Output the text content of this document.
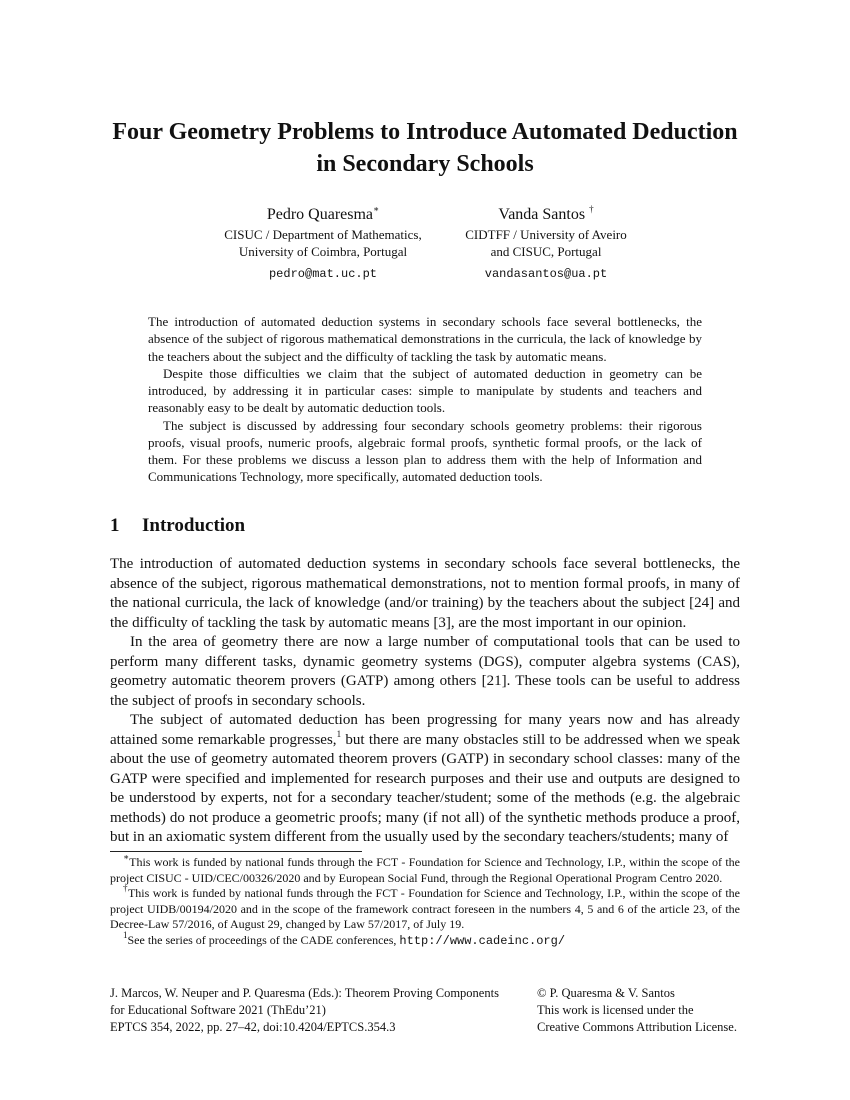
Four Geometry Problems to Introduce Automated Deduction
in Secondary Schools
Pedro Quaresma∗
CISUC / Department of Mathematics,
University of Coimbra, Portugal
pedro@mat.uc.pt
Vanda Santos †
CIDTFF / University of Aveiro
and CISUC, Portugal
vandasantos@ua.pt

The introduction of automated deduction systems in secondary schools face several bottlenecks, the absence of the subject of rigorous mathematical demonstrations in the curricula, the lack of knowledge by the teachers about the subject and the difficulty of tackling the task by automatic means.

Despite those difficulties we claim that the subject of automated deduction in geometry can be introduced, by addressing it in particular cases: simple to manipulate by students and teachers and reasonably easy to be dealt by automatic deduction tools.

The subject is discussed by addressing four secondary schools geometry problems: their rigorous proofs, visual proofs, numeric proofs, algebraic formal proofs, synthetic formal proofs, or the lack of them. For these problems we discuss a lesson plan to address them with the help of Information and Communications Technology, more specifically, automated deduction tools.

1 Introduction

The introduction of automated deduction systems in secondary schools face several bottlenecks, the absence of the subject, rigorous mathematical demonstrations, not to mention formal proofs, in many of the national curricula, the lack of knowledge (and/or training) by the teachers about the subject [24] and the difficulty of tackling the task by automatic means [3], are the most important in our opinion.

In the area of geometry there are now a large number of computational tools that can be used to perform many different tasks, dynamic geometry systems (DGS), computer algebra systems (CAS), geometry automatic theorem provers (GATP) among others [21]. These tools can be useful to address the subject of proofs in secondary schools.

The subject of automated deduction has been progressing for many years now and has already attained some remarkable progresses,$^1$ but there are many obstacles still to be addressed when we speak about the use of geometry automated theorem provers (GATP) in secondary school classes: many of the GATP were specified and implemented for research purposes and their use and outputs are designed to be understood by experts, not for a secondary teacher/student; some of the methods (e.g. the algebraic methods) do not produce a geometric proofs; many (if not all) of the synthetic methods produce a proof, but in an axiomatic system different from the usually used by the secondary teachers/students; many of

∗This work is funded by national funds through the FCT - Foundation for Science and Technology, I.P., within the scope of the project CISUC - UID/CEC/00326/2020 and by European Social Fund, through the Regional Operational Program Centro 2020.

†This work is funded by national funds through the FCT - Foundation for Science and Technology, I.P., within the scope of the project UIDB/00194/2020 and in the scope of the framework contract foreseen in the numbers 4, 5 and 6 of the article 23, of the Decree-Law 57/2016, of August 29, changed by Law 57/2017, of July 19.

$^1$See the series of proceedings of the CADE conferences, http://www.cadeinc.org/

J. Marcos, W. Neuper and P. Quaresma (Eds.): Theorem Proving Components
for Educational Software 2021 (ThEdu’21)
EPTCS 354, 2022, pp. 27–42, doi:10.4204/EPTCS.354.3
© P. Quaresma & V. Santos
This work is licensed under the
Creative Commons Attribution License.
